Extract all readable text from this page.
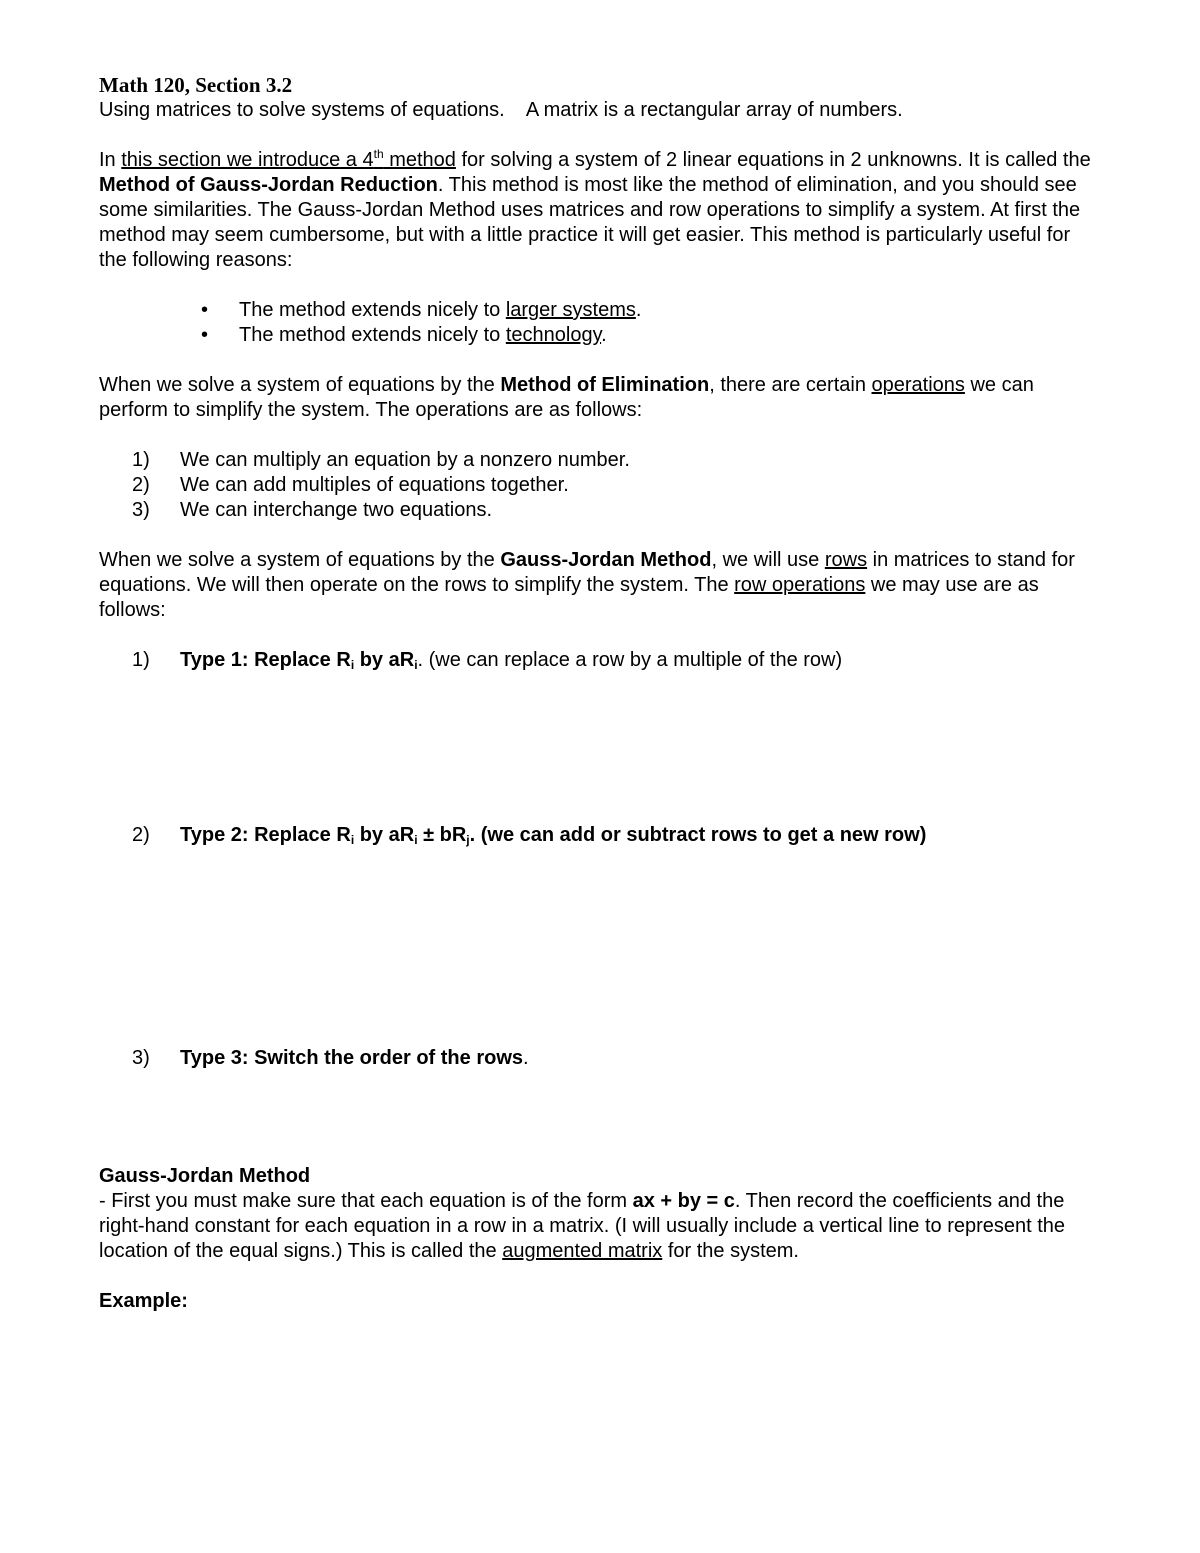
Math 120, Section 3.2

Using matrices to solve systems of equations.    A matrix is a rectangular array of numbers.

In this section we introduce a 4th method for solving a system of 2 linear equations in 2 unknowns. It is called the Method of Gauss-Jordan Reduction. This method is most like the method of elimination, and you should see some similarities. The Gauss-Jordan Method uses matrices and row operations to simplify a system. At first the method may seem cumbersome, but with a little practice it will get easier. This method is particularly useful for the following reasons:

• The method extends nicely to larger systems.
• The method extends nicely to technology.

When we solve a system of equations by the Method of Elimination, there are certain operations we can perform to simplify the system. The operations are as follows:

1) We can multiply an equation by a nonzero number.
2) We can add multiples of equations together.
3) We can interchange two equations.

When we solve a system of equations by the Gauss-Jordan Method, we will use rows in matrices to stand for equations. We will then operate on the rows to simplify the system. The row operations we may use are as follows:

1) Type 1: Replace $R_i$ by $aR_i$. (we can replace a row by a multiple of the row)
2) Type 2: Replace $R_i$ by $aR_i \pm bR_j$. (we can add or subtract rows to get a new row)
3) Type 3: Switch the order of the rows.

Gauss-Jordan Method

- First you must make sure that each equation is of the form ax + by = c. Then record the coefficients and the right-hand constant for each equation in a row in a matrix. (I will usually include a vertical line to represent the location of the equal signs.) This is called the augmented matrix for the system.

Example:
